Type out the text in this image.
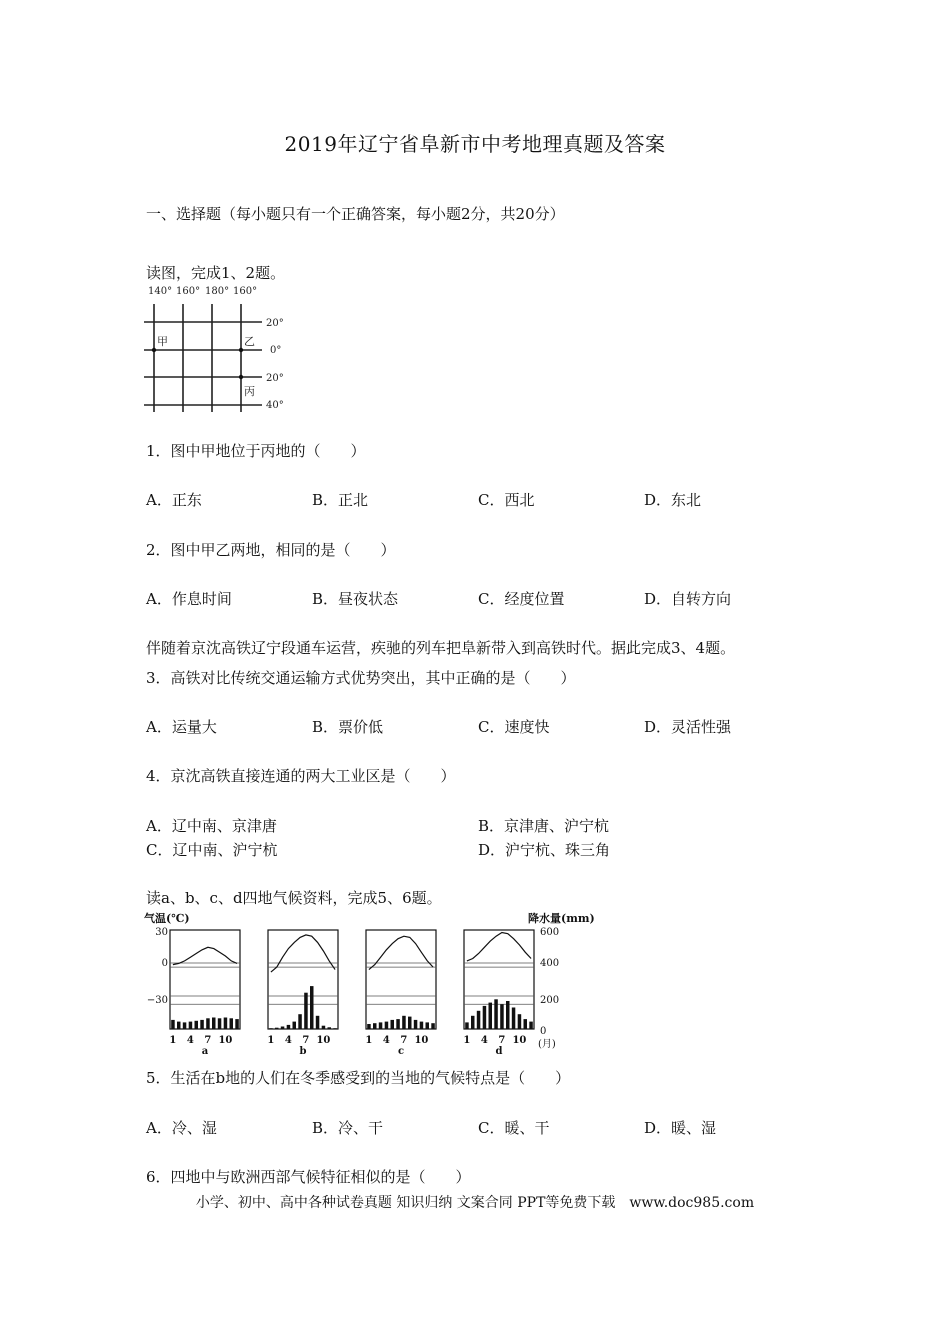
2019年辽宁省阜新市中考地理真题及答案
一、选择题（每小题只有一个正确答案，每小题2分，共20分）
读图，完成1、2题。
140° 160° 180° 160°
20°
0°
20°
40°
甲	乙
丙
1．图中甲地位于丙地的（　　）
A．正东	B．正北	C．西北	D．东北
2．图中甲乙两地，相同的是（　　）
A．作息时间	B．昼夜状态	C．经度位置	D．自转方向
伴随着京沈高铁辽宁段通车运营，疾驰的列车把阜新带入到高铁时代。据此完成3、4题。
3．高铁对比传统交通运输方式优势突出，其中正确的是（　　）
A．运量大	B．票价低	C．速度快	D．灵活性强
4．京沈高铁直接连通的两大工业区是（　　）
A．辽中南、京津唐	B．京津唐、沪宁杭
C．辽中南、沪宁杭	D．沪宁杭、珠三角
读a、b、c、d四地气候资料，完成5、6题。
气温(℃)	降水量(mm)
30
0
−30
600
400
200
0
(月)
1 4 7 10
a
1 4 7 10
b
1 4 7 10
c
1 4 7 10
d
5．生活在b地的人们在冬季感受到的当地的气候特点是（　　）
A．冷、湿	B．冷、干	C．暖、干	D．暖、湿
6．四地中与欧洲西部气候特征相似的是（　　）
小学、初中、高中各种试卷真题 知识归纳 文案合同 PPT等免费下载　www.doc985.com
